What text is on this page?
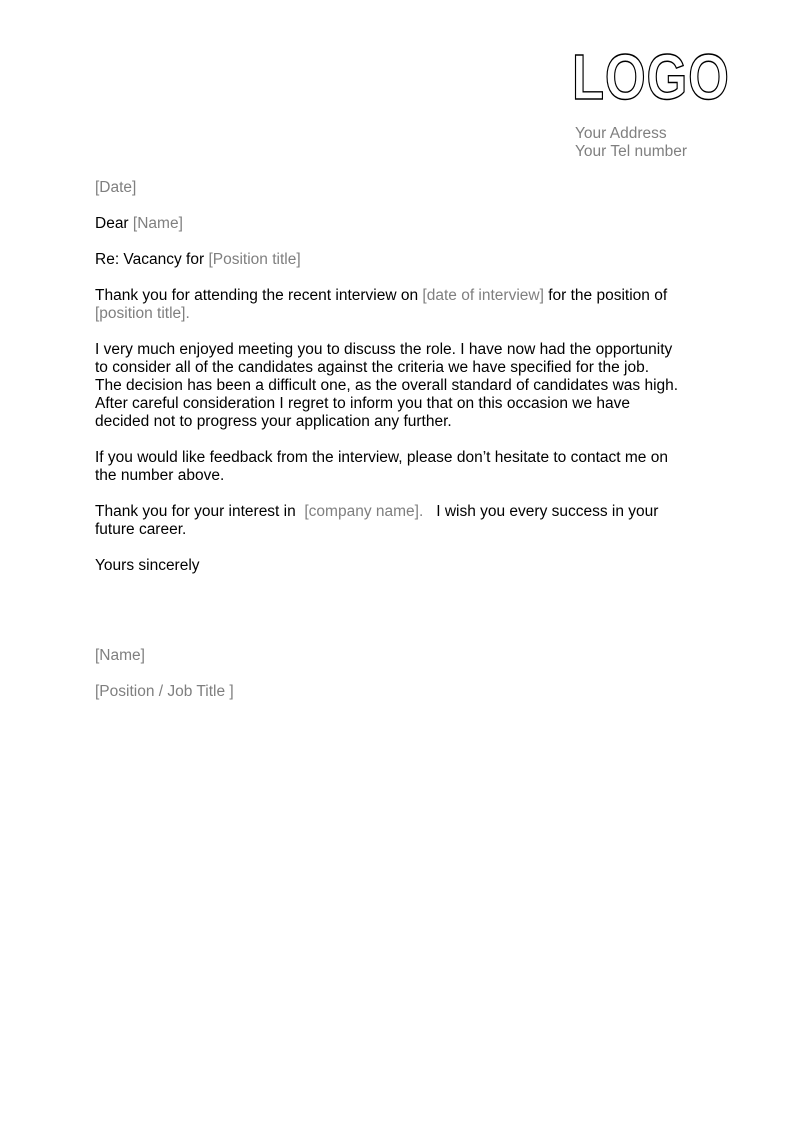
LOGO
Your Address
Your Tel number
[Date]
Dear [Name]
Re: Vacancy for [Position title]
Thank you for attending the recent interview on [date of interview] for the position of
[position title].
I very much enjoyed meeting you to discuss the role. I have now had the opportunity
to consider all of the candidates against the criteria we have specified for the job.
The decision has been a difficult one, as the overall standard of candidates was high.
After careful consideration I regret to inform you that on this occasion we have
decided not to progress your application any further.
If you would like feedback from the interview, please don’t hesitate to contact me on
the number above.
Thank you for your interest in [company name]. I wish you every success in your
future career.
Yours sincerely
[Name]
[Position / Job Title ]
